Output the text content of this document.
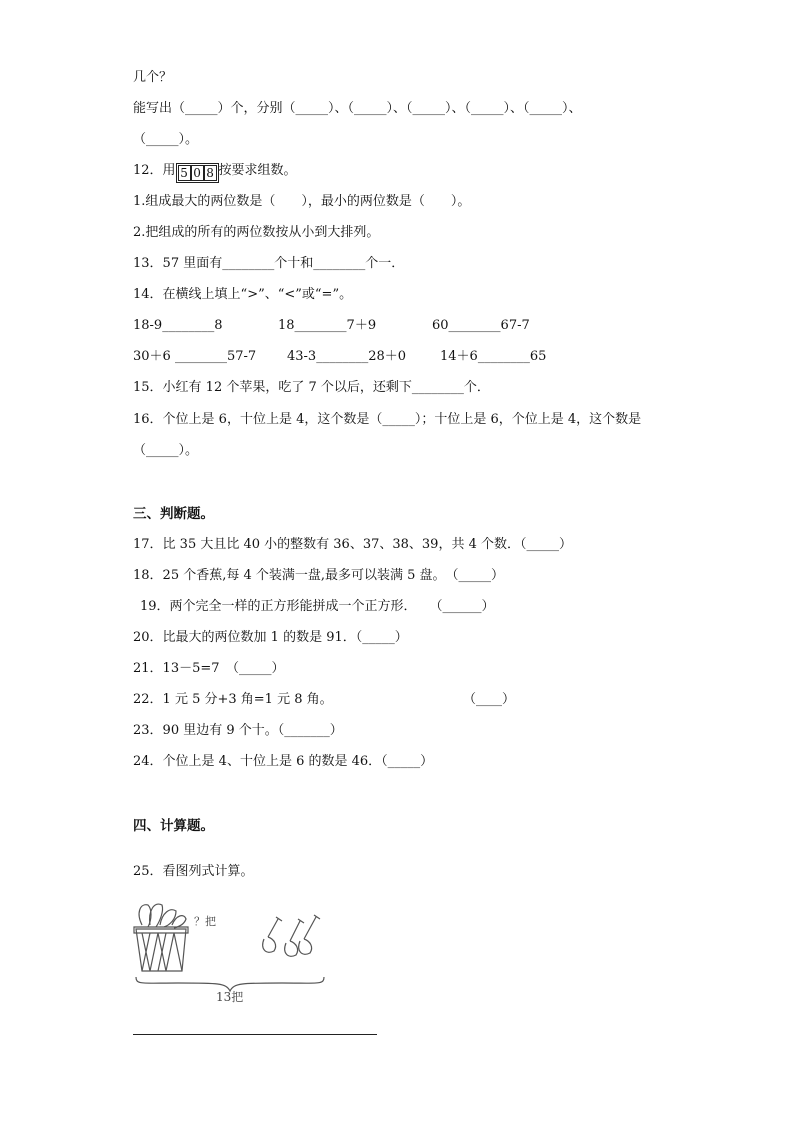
几个？
能写出（_____）个，分别（_____）、（_____）、（_____）、（_____）、（_____）、
（_____）。
12．用 5 0 8 按要求组数。
1.组成最大的两位数是（　　），最小的两位数是（　　）。
2.把组成的所有的两位数按从小到大排列。
13．57 里面有________个十和________个一．
14．在横线上填上“>”、“<”或“=”。
18-9________8	18________7＋9	60________67-7
30＋6 ________57-7 43-3________28＋0	14＋6________65
15．小红有 12 个苹果，吃了 7 个以后，还剩下________个．
16．个位上是 6，十位上是 4，这个数是（_____）；十位上是 6，个位上是 4，这个数是
（_____）。
三、判断题。
17．比 35 大且比 40 小的整数有 36、37、38、39，共 4 个数．（_____）
18．25 个香蕉,每 4 个装满一盘,最多可以装满 5 盘。　（_____）
19．两个完全一样的正方形能拼成一个正方形．　　（______）
20．比最大的两位数加 1 的数是 91．（_____）
21．13－5=7　（_____）
22．1 元 5 分+3 角=1 元 8 角。	（____）
23．90 里边有 9 个十。（_______）
24．个位上是 4、十位上是 6 的数是 46．（_____）
四、计算题。
25．看图列式计算。
？把
13把
